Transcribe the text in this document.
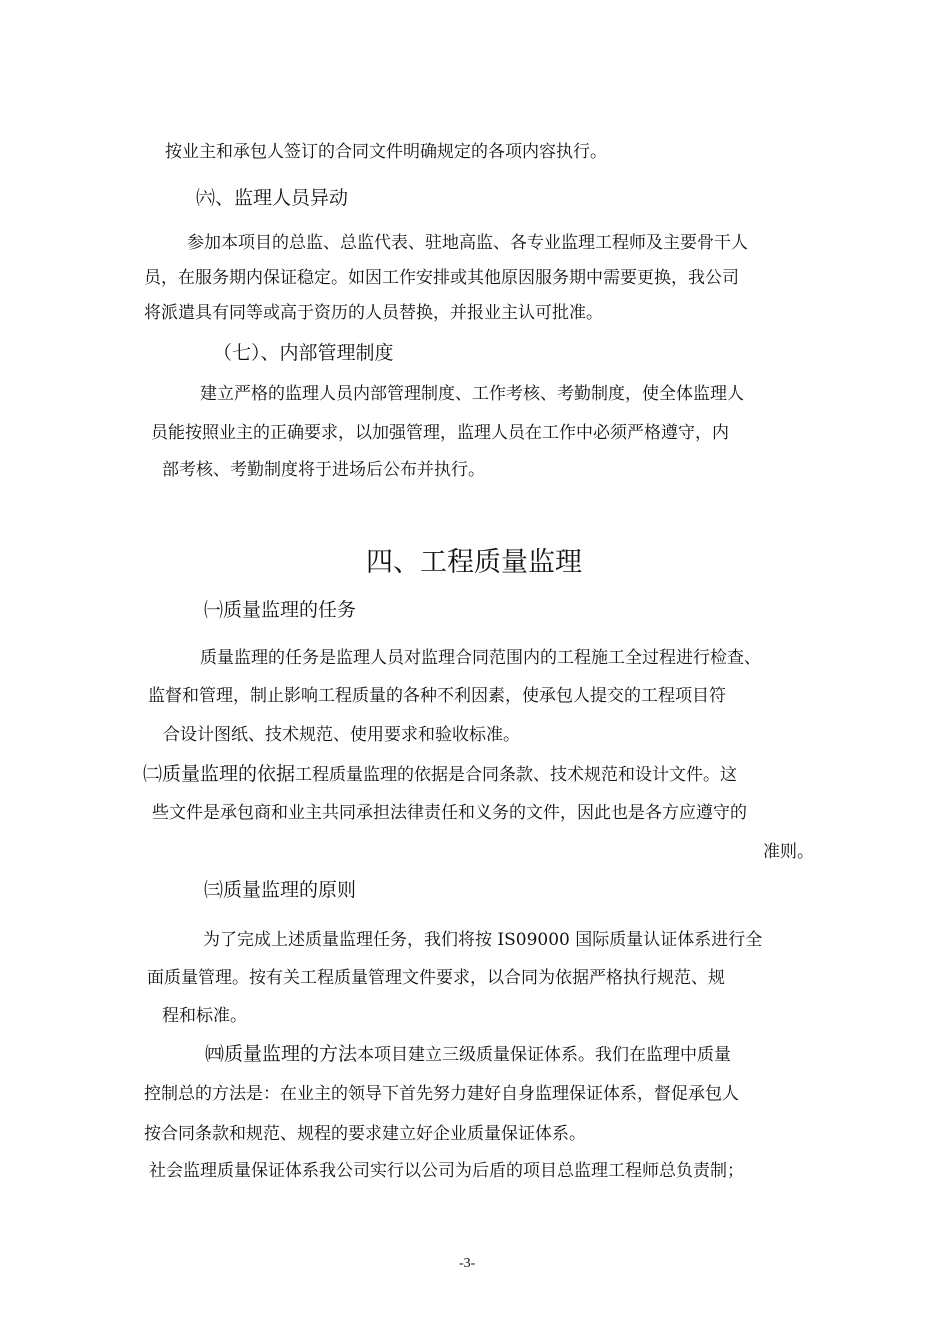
按业主和承包人签订的合同文件明确规定的各项内容执行。
㈥、监理人员异动
参加本项目的总监、总监代表、驻地高监、各专业监理工程师及主要骨干人
员，在服务期内保证稳定。如因工作安排或其他原因服务期中需要更换，我公司
将派遣具有同等或高于资历的人员替换，并报业主认可批准。
（七）、内部管理制度
建立严格的监理人员内部管理制度、工作考核、考勤制度，使全体监理人
员能按照业主的正确要求，以加强管理，监理人员在工作中必须严格遵守，内
部考核、考勤制度将于进场后公布并执行。
四、工程质量监理
㈠质量监理的任务
质量监理的任务是监理人员对监理合同范围内的工程施工全过程进行检查、
监督和管理，制止影响工程质量的各种不利因素，使承包人提交的工程项目符
合设计图纸、技术规范、使用要求和验收标准。
㈡质量监理的依据工程质量监理的依据是合同条款、技术规范和设计文件。这
些文件是承包商和业主共同承担法律责任和义务的文件，因此也是各方应遵守的
准则。
㈢质量监理的原则
为了完成上述质量监理任务，我们将按 IS09000 国际质量认证体系进行全
面质量管理。按有关工程质量管理文件要求，以合同为依据严格执行规范、规
程和标准。
㈣质量监理的方法本项目建立三级质量保证体系。我们在监理中质量
控制总的方法是：在业主的领导下首先努力建好自身监理保证体系，督促承包人
按合同条款和规范、规程的要求建立好企业质量保证体系。
社会监理质量保证体系我公司实行以公司为后盾的项目总监理工程师总负责制；
-3-
